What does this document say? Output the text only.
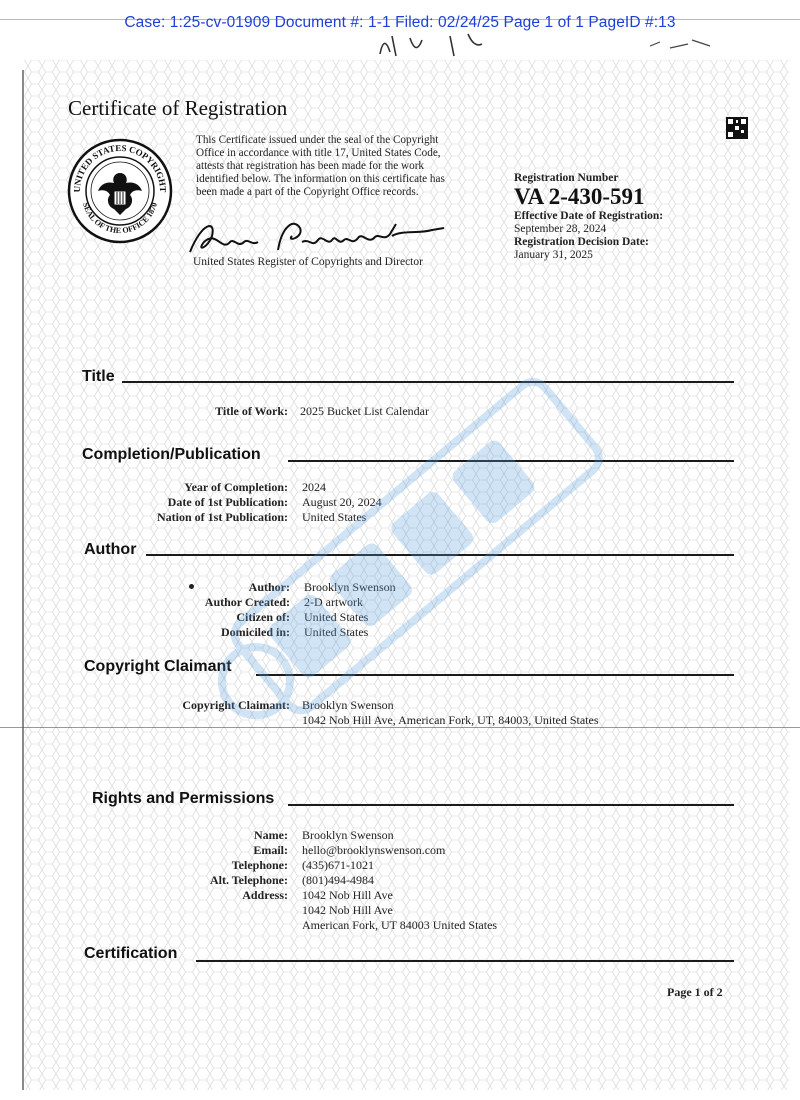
Case: 1:25-cv-01909 Document #: 1-1 Filed: 02/24/25 Page 1 of 1 PageID #:13
Certificate of Registration
UNITED STATES COPYRIGHT
SEAL OF THE OFFICE 1870
This Certificate issued under the seal of the Copyright
Office in accordance with title 17, United States Code,
attests that registration has been made for the work
identified below. The information on this certificate has
been made a part of the Copyright Office records.
United States Register of Copyrights and Director
Registration Number
VA 2-430-591
Effective Date of Registration:
September 28, 2024
Registration Decision Date:
January 31, 2025
Title
Title of Work: 2025 Bucket List Calendar
Completion/Publication
Year of Completion: 2024
Date of 1st Publication: August 20, 2024
Nation of 1st Publication: United States
Author
Author: Brooklyn Swenson
Author Created: 2-D artwork
Citizen of: United States
Domiciled in: United States
Copyright Claimant
Copyright Claimant: Brooklyn Swenson
1042 Nob Hill Ave, American Fork, UT, 84003, United States
Rights and Permissions
Name: Brooklyn Swenson
Email: hello@brooklynswenson.com
Telephone: (435)671-1021
Alt. Telephone: (801)494-4984
Address: 1042 Nob Hill Ave
1042 Nob Hill Ave
American Fork, UT 84003 United States
Certification
Page 1 of 2
